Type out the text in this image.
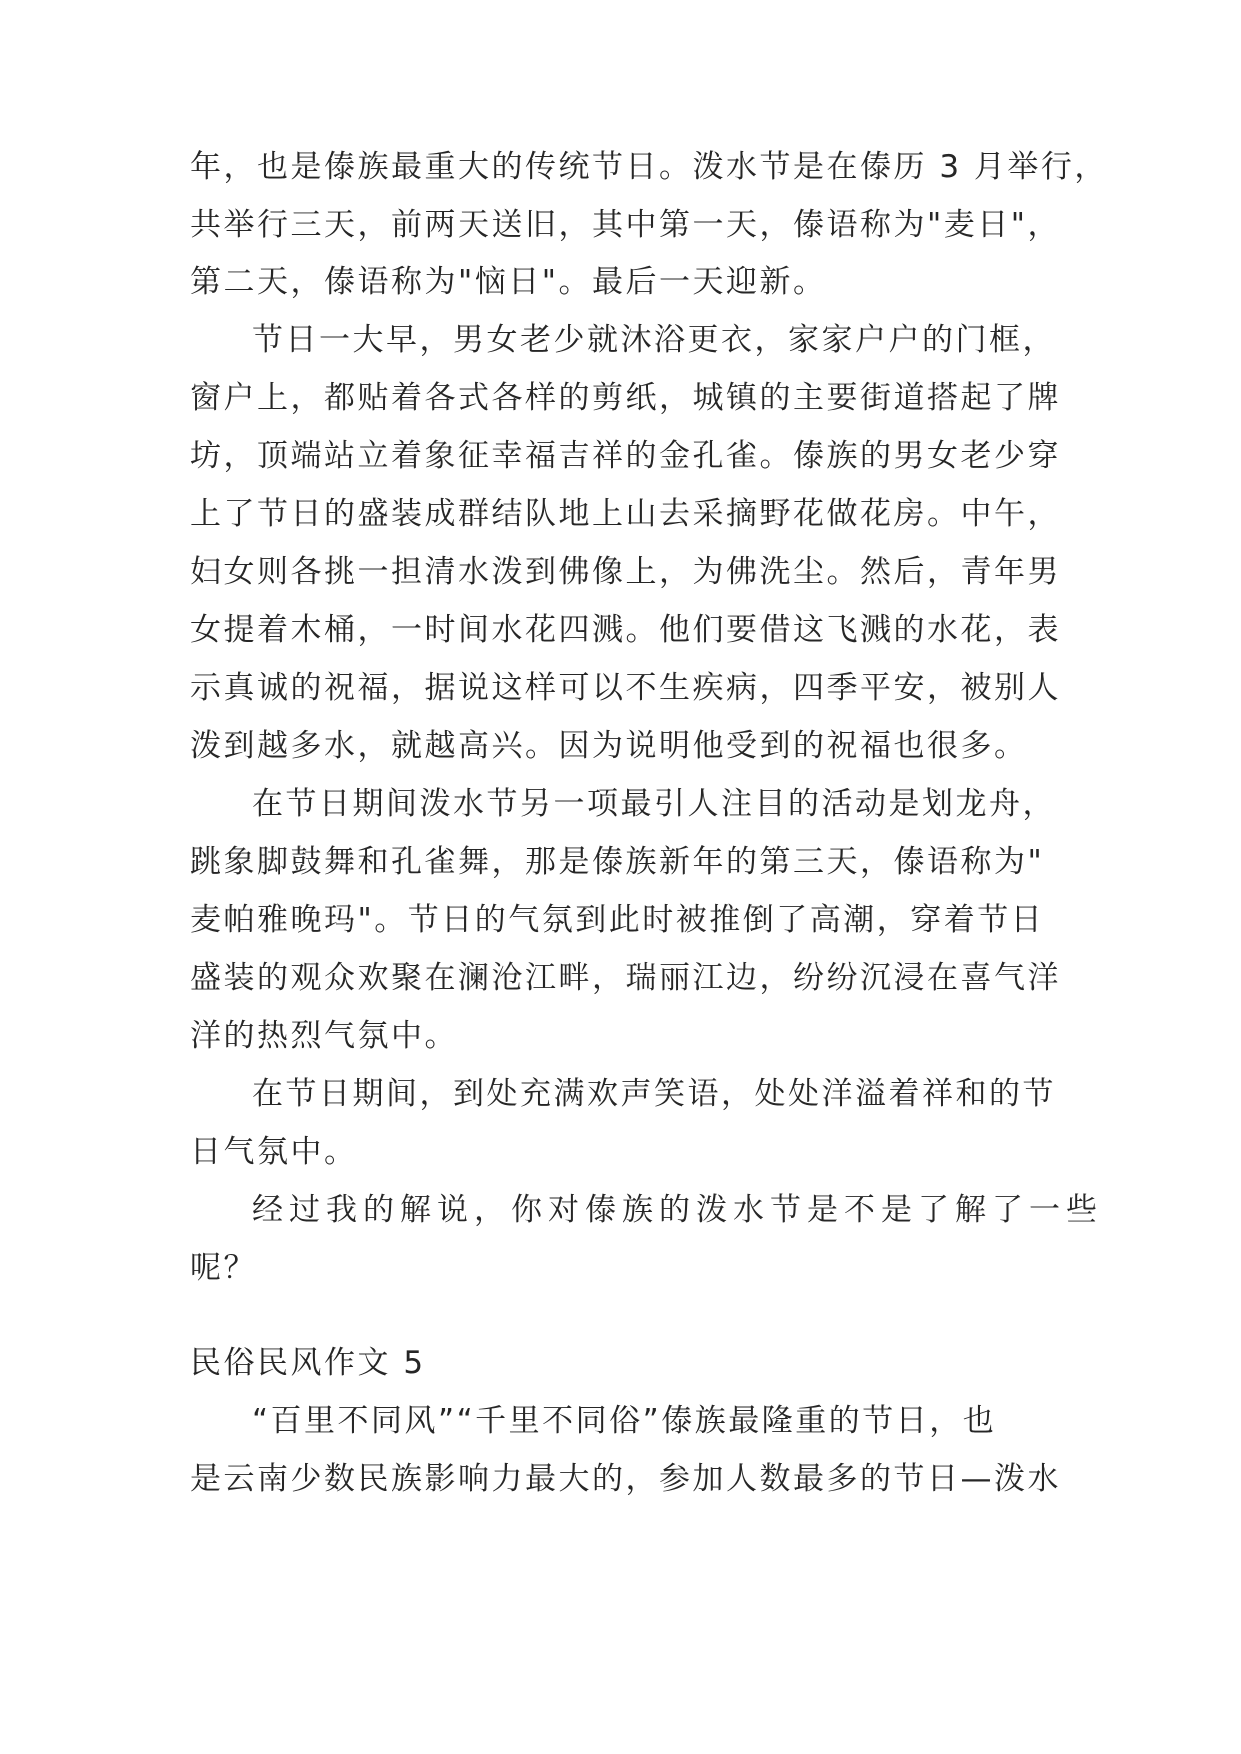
年，也是傣族最重大的传统节日。泼水节是在傣历 3 月举行，

共举行三天，前两天送旧，其中第一天，傣语称为"麦日"，

第二天，傣语称为"恼日"。最后一天迎新。

节日一大早，男女老少就沐浴更衣，家家户户的门框，

窗户上，都贴着各式各样的剪纸，城镇的主要街道搭起了牌

坊，顶端站立着象征幸福吉祥的金孔雀。傣族的男女老少穿

上了节日的盛装成群结队地上山去采摘野花做花房。中午，

妇女则各挑一担清水泼到佛像上，为佛洗尘。然后，青年男

女提着木桶，一时间水花四溅。他们要借这飞溅的水花，表

示真诚的祝福，据说这样可以不生疾病，四季平安，被别人

泼到越多水，就越高兴。因为说明他受到的祝福也很多。

在节日期间泼水节另一项最引人注目的活动是划龙舟，

跳象脚鼓舞和孔雀舞，那是傣族新年的第三天，傣语称为"

麦帕雅晚玛"。节日的气氛到此时被推倒了高潮，穿着节日

盛装的观众欢聚在澜沧江畔，瑞丽江边，纷纷沉浸在喜气洋

洋的热烈气氛中。

在节日期间，到处充满欢声笑语，处处洋溢着祥和的节

日气氛中。

经过我的解说，你对傣族的泼水节是不是了解了一些

呢？

民俗民风作文 5

“百里不同风”“千里不同俗”傣族最隆重的节日，也

是云南少数民族影响力最大的，参加人数最多的节日—泼水
